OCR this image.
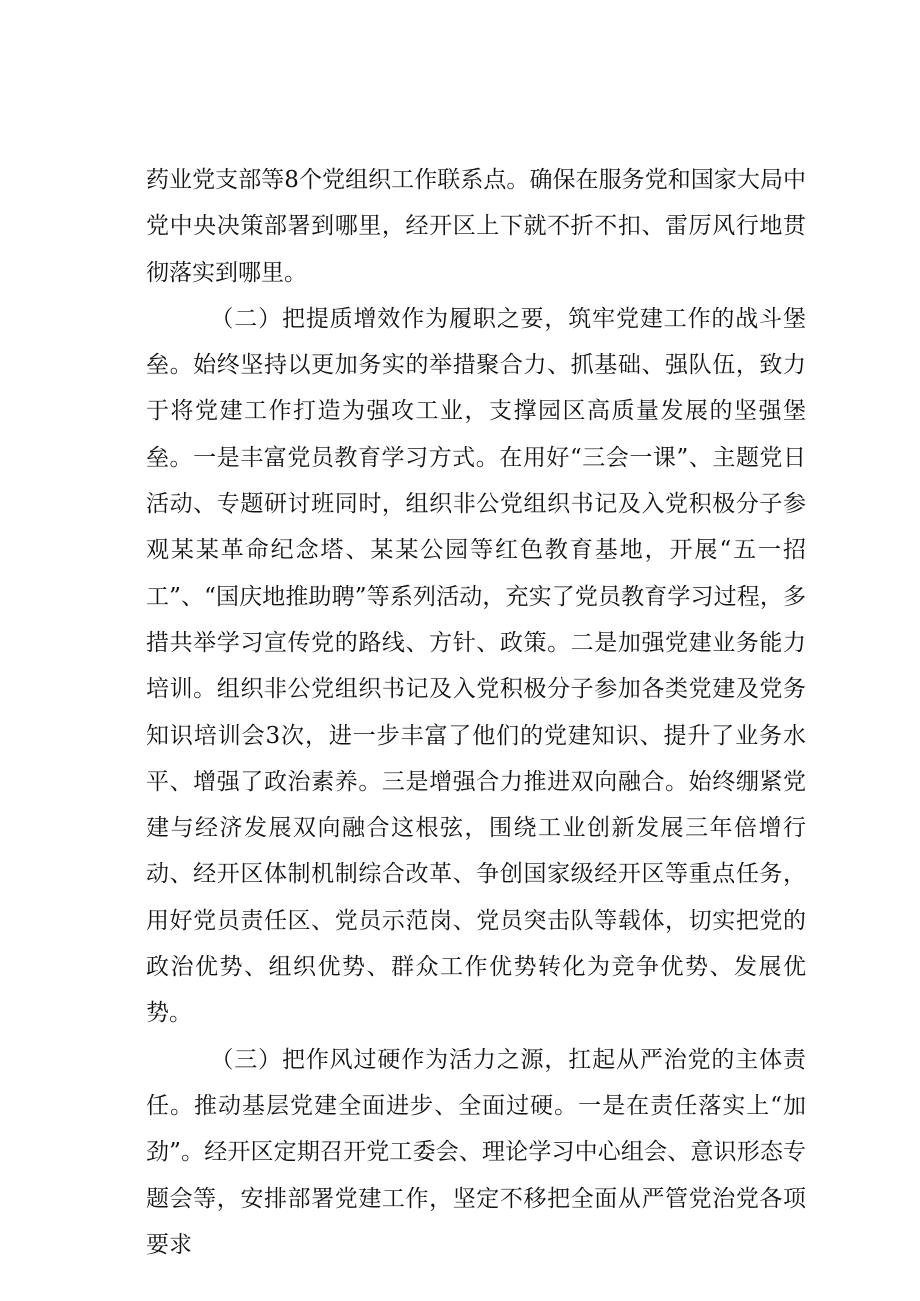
药业党支部等8个党组织工作联系点。确保在服务党和国家大局中党中央决策部署到哪里，经开区上下就不折不扣、雷厉风行地贯彻落实到哪里。

（二）把提质增效作为履职之要，筑牢党建工作的战斗堡垒。始终坚持以更加务实的举措聚合力、抓基础、强队伍，致力于将党建工作打造为强攻工业，支撑园区高质量发展的坚强堡垒。一是丰富党员教育学习方式。在用好“三会一课”、主题党日活动、专题研讨班同时，组织非公党组织书记及入党积极分子参观某某革命纪念塔、某某公园等红色教育基地，开展“五一招工”、“国庆地推助聘”等系列活动，充实了党员教育学习过程，多措共举学习宣传党的路线、方针、政策。二是加强党建业务能力培训。组织非公党组织书记及入党积极分子参加各类党建及党务知识培训会3次，进一步丰富了他们的党建知识、提升了业务水平、增强了政治素养。三是增强合力推进双向融合。始终绷紧党建与经济发展双向融合这根弦，围绕工业创新发展三年倍增行动、经开区体制机制综合改革、争创国家级经开区等重点任务，用好党员责任区、党员示范岗、党员突击队等载体，切实把党的政治优势、组织优势、群众工作优势转化为竞争优势、发展优势。

（三）把作风过硬作为活力之源，扛起从严治党的主体责任。推动基层党建全面进步、全面过硬。一是在责任落实上“加劲”。经开区定期召开党工委会、理论学习中心组会、意识形态专题会等，安排部署党建工作，坚定不移把全面从严管党治党各项要求
